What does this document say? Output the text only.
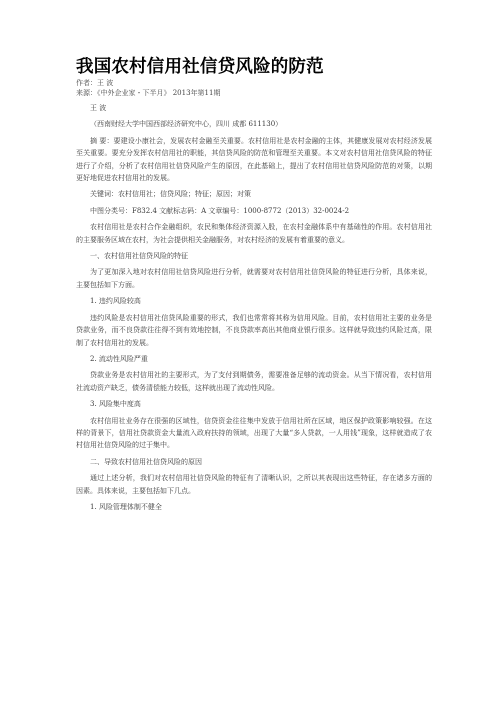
我国农村信用社信贷风险的防范
作者：王 波
来源：《中外企业家・下半月》 2013年第11期
王 波
（西南财经大学中国西部经济研究中心，四川 成都 611130）
摘 要：要建设小康社会，发展农村金融至关重要。农村信用社是农村金融的主体，其健康发展对农村经济发展至关重要。要充分发挥农村信用社的职能，其信贷风险的防范和管理至关重要。本文对农村信用社信贷风险的特征进行了介绍，分析了农村信用社信贷风险产生的原因，在此基础上，提出了农村信用社信贷风险防范的对策，以期更好地促进农村信用社的发展。
关键词：农村信用社；信贷风险；特征；原因；对策
中图分类号：F832.4 文献标志码：A 文章编号：1000-8772（2013）32-0024-2
农村信用社是农村合作金融组织，农民和集体经济资源入股，在农村金融体系中有基础性的作用。农村信用社的主要服务区域在农村，为社会提供相关金融服务，对农村经济的发展有着重要的意义。
一、农村信用社信贷风险的特征
为了更加深入地对农村信用社信贷风险进行分析，就需要对农村信用社信贷风险的特征进行分析，具体来说，主要包括如下方面。
1. 违约风险较高
违约风险是农村信用社信贷风险重要的形式，我们也常常将其称为信用风险。目前，农村信用社主要的业务是贷款业务，而不良贷款往往得不到有效地控制，不良贷款率高出其他商业银行很多。这样就导致违约风险过高，限制了农村信用社的发展。
2. 流动性风险严重
贷款业务是农村信用社的主要形式，为了支付到期债务，需要准备足够的流动资金。从当下情况看，农村信用社流动资产缺乏，债务清偿能力较低，这样就出现了流动性风险。
3. 风险集中度高
农村信用社业务存在很强的区域性，信贷资金往往集中发放于信用社所在区域，地区保护政策影响较强。在这样的背景下，信用社贷款资金大量流入政府扶持的领域，出现了大量“多人贷款，一人用钱”现象，这样就造成了农村信用社信贷风险的过于集中。
二、导致农村信用社信贷风险的原因
通过上述分析，我们对农村信用社信贷风险的特征有了清晰认识，之所以其表现出这些特征，存在诸多方面的因素。具体来说，主要包括如下几点。
1. 风险管理体制不健全
